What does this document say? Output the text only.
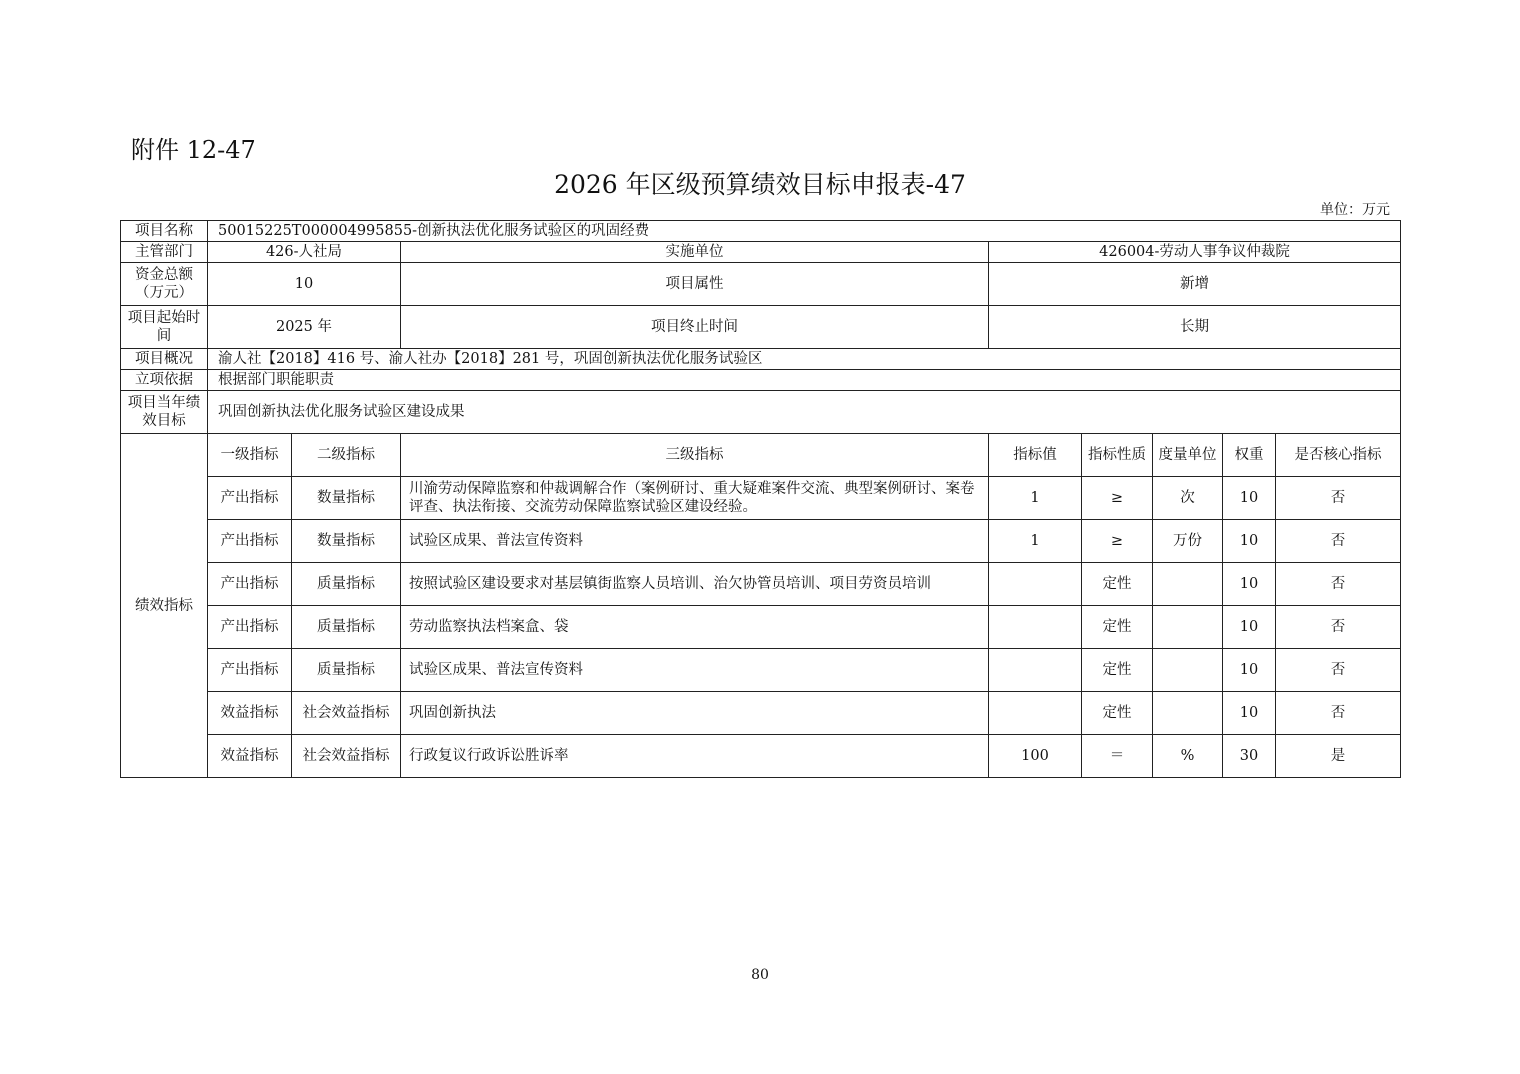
附件 12-47
2026 年区级预算绩效目标申报表-47
单位：万元
项目名称	50015225T000004995855-创新执法优化服务试验区的巩固经费							
主管部门	426-人社局		实施单位	426004-劳动人事争议仲裁院				
资金总额（万元）	10		项目属性	新增				
项目起始时间	2025 年		项目终止时间	长期				
项目概况	渝人社【2018】416 号、渝人社办【2018】281 号，巩固创新执法优化服务试验区							
立项依据	根据部门职能职责							
项目当年绩效目标	巩固创新执法优化服务试验区建设成果							
绩效指标	一级指标	二级指标	三级指标	指标值	指标性质	度量单位	权重	是否核心指标
	产出指标	数量指标	川渝劳动保障监察和仲裁调解合作（案例研讨、重大疑难案件交流、典型案例研讨、案卷评查、执法衔接、交流劳动保障监察试验区建设经验。	1	≥	次	10	否
	产出指标	数量指标	试验区成果、普法宣传资料	1	≥	万份	10	否
	产出指标	质量指标	按照试验区建设要求对基层镇街监察人员培训、治欠协管员培训、项目劳资员培训		定性		10	否
	产出指标	质量指标	劳动监察执法档案盒、袋		定性		10	否
	产出指标	质量指标	试验区成果、普法宣传资料		定性		10	否
	效益指标	社会效益指标	巩固创新执法		定性		10	否
	效益指标	社会效益指标	行政复议行政诉讼胜诉率	100	＝	%	30	是
80
